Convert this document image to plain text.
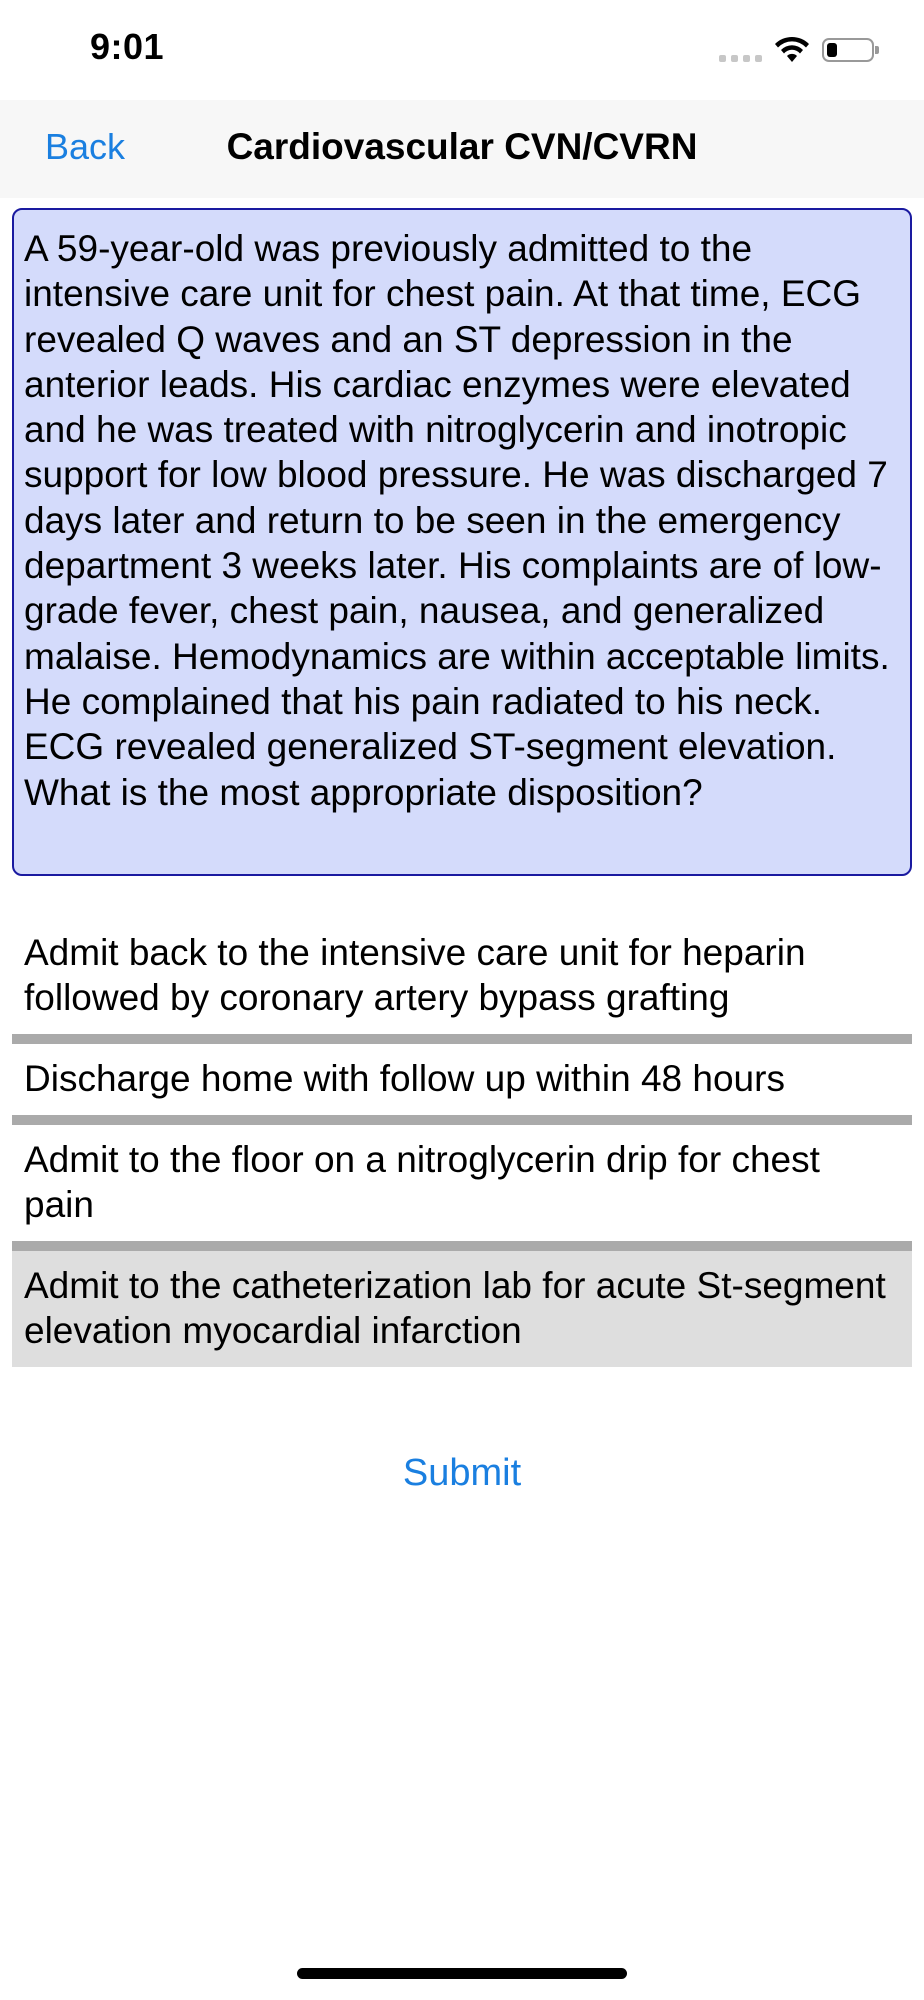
9:01
Back	Cardiovascular CVN/CVRN
A 59-year-old was previously admitted to the intensive care unit for chest pain. At that time, ECG revealed Q waves and an ST depression in the anterior leads. His cardiac enzymes were elevated and he was treated with nitroglycerin and inotropic support for low blood pressure. He was discharged 7 days later and return to be seen in the emergency department 3 weeks later. His complaints are of low-grade fever, chest pain, nausea, and generalized malaise. Hemodynamics are within acceptable limits. He complained that his pain radiated to his neck. ECG revealed generalized ST-segment elevation. What is the most appropriate disposition?
Admit back to the intensive care unit for heparin followed by coronary artery bypass grafting
Discharge home with follow up within 48 hours
Admit to the floor on a nitroglycerin drip for chest pain
Admit to the catheterization lab for acute St-segment elevation myocardial infarction
Submit
